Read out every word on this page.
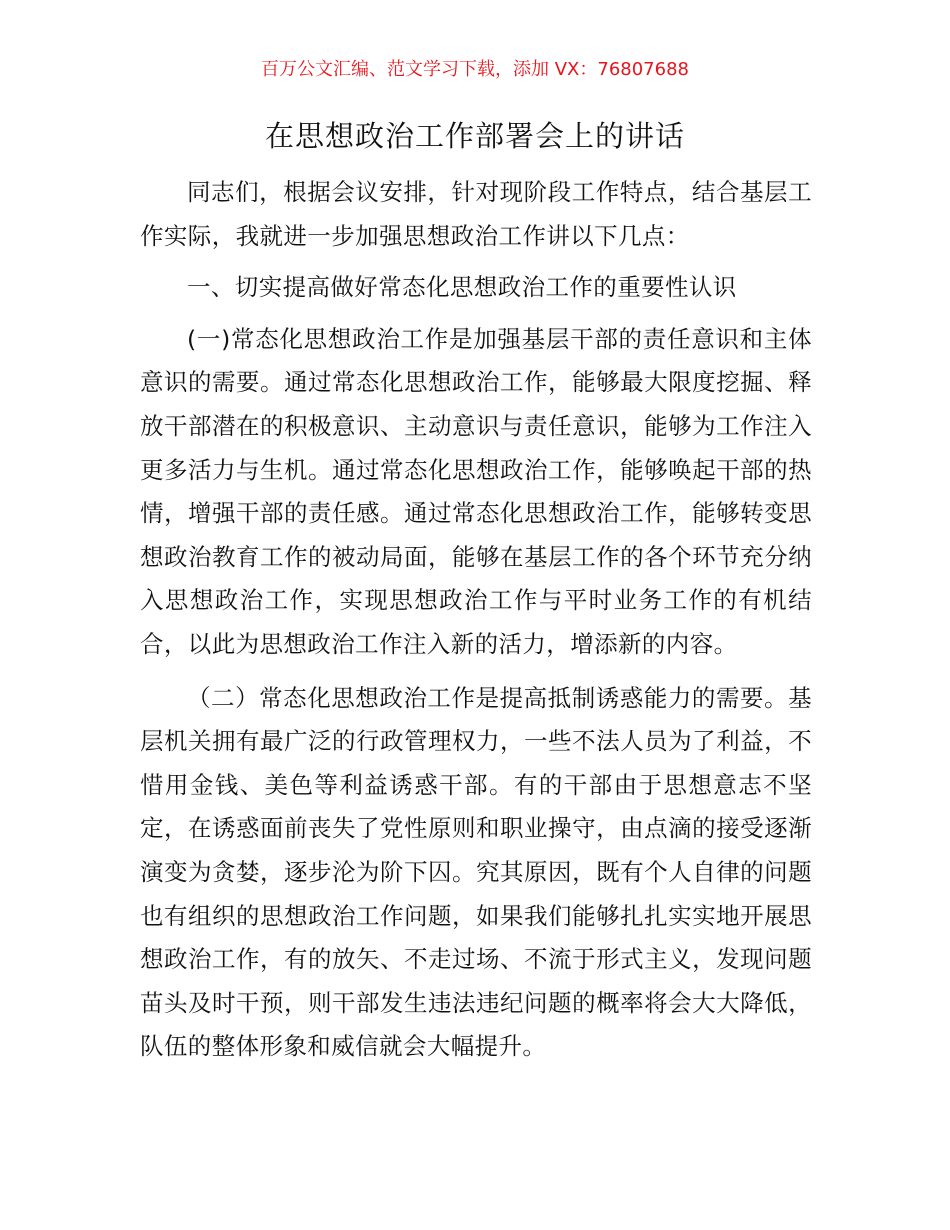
百万公文汇编、范文学习下载，添加 VX：76807688
在思想政治工作部署会上的讲话

同志们，根据会议安排，针对现阶段工作特点，结合基层工作实际，我就进一步加强思想政治工作讲以下几点：

一、切实提高做好常态化思想政治工作的重要性认识

(一)常态化思想政治工作是加强基层干部的责任意识和主体意识的需要。通过常态化思想政治工作，能够最大限度挖掘、释放干部潜在的积极意识、主动意识与责任意识，能够为工作注入更多活力与生机。通过常态化思想政治工作，能够唤起干部的热情，增强干部的责任感。通过常态化思想政治工作，能够转变思想政治教育工作的被动局面，能够在基层工作的各个环节充分纳入思想政治工作，实现思想政治工作与平时业务工作的有机结合，以此为思想政治工作注入新的活力，增添新的内容。

（二）常态化思想政治工作是提高抵制诱惑能力的需要。基层机关拥有最广泛的行政管理权力，一些不法人员为了利益，不惜用金钱、美色等利益诱惑干部。有的干部由于思想意志不坚定，在诱惑面前丧失了党性原则和职业操守，由点滴的接受逐渐演变为贪婪，逐步沦为阶下囚。究其原因，既有个人自律的问题也有组织的思想政治工作问题，如果我们能够扎扎实实地开展思想政治工作，有的放矢、不走过场、不流于形式主义，发现问题苗头及时干预，则干部发生违法违纪问题的概率将会大大降低，队伍的整体形象和威信就会大幅提升。
